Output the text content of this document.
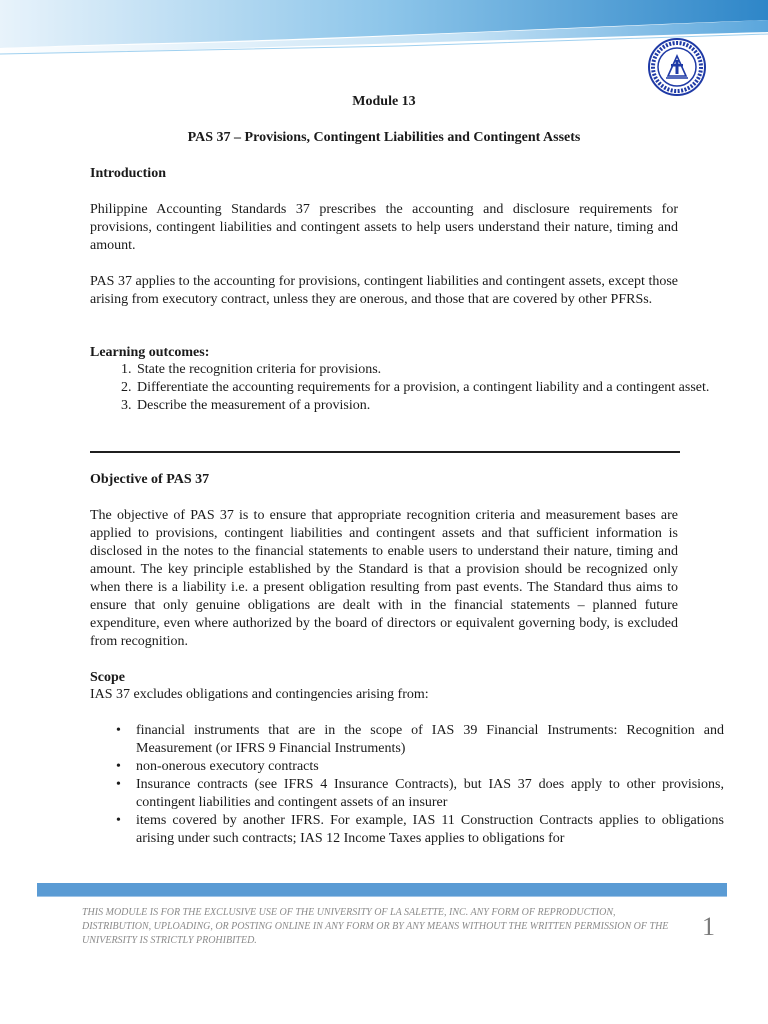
Module 13
PAS 37 – Provisions, Contingent Liabilities and Contingent Assets
Introduction

Philippine Accounting Standards 37 prescribes the accounting and disclosure requirements for provisions, contingent liabilities and contingent assets to help users understand their nature, timing and amount.

PAS 37 applies to the accounting for provisions, contingent liabilities and contingent assets, except those arising from executory contract, unless they are onerous, and those that are covered by other PFRSs.

Learning outcomes:
1. State the recognition criteria for provisions.
2. Differentiate the accounting requirements for a provision, a contingent liability and a contingent asset.
3. Describe the measurement of a provision.
Objective of PAS 37

The objective of PAS 37 is to ensure that appropriate recognition criteria and measurement bases are applied to provisions, contingent liabilities and contingent assets and that sufficient information is disclosed in the notes to the financial statements to enable users to understand their nature, timing and amount. The key principle established by the Standard is that a provision should be recognized only when there is a liability i.e. a present obligation resulting from past events. The Standard thus aims to ensure that only genuine obligations are dealt with in the financial statements – planned future expenditure, even where authorized by the board of directors or equivalent governing body, is excluded from recognition.

Scope

IAS 37 excludes obligations and contingencies arising from:

• financial instruments that are in the scope of IAS 39 Financial Instruments: Recognition and Measurement (or IFRS 9 Financial Instruments)
• non-onerous executory contracts
• Insurance contracts (see IFRS 4 Insurance Contracts), but IAS 37 does apply to other provisions, contingent liabilities and contingent assets of an insurer
• items covered by another IFRS. For example, IAS 11 Construction Contracts applies to obligations arising under such contracts; IAS 12 Income Taxes applies to obligations for
THIS MODULE IS FOR THE EXCLUSIVE USE OF THE UNIVERSITY OF LA SALETTE, INC. ANY FORM OF REPRODUCTION, DISTRIBUTION, UPLOADING, OR POSTING ONLINE IN ANY FORM OR BY ANY MEANS WITHOUT THE WRITTEN PERMISSION OF THE UNIVERSITY IS STRICTLY PROHIBITED.	1
